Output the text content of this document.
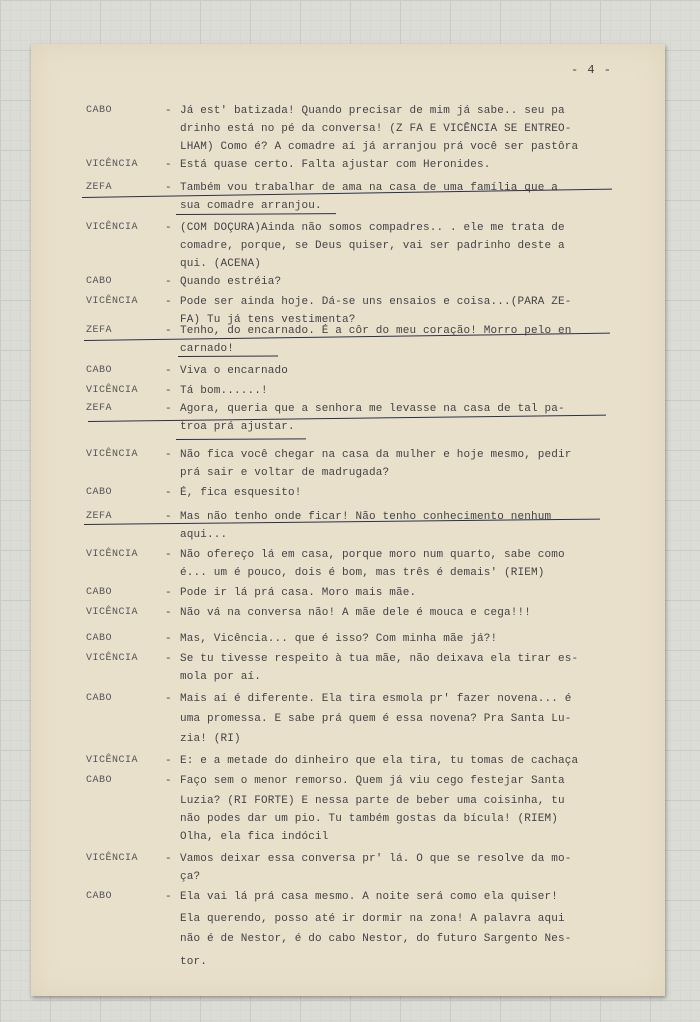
- 4 -
CABO	- Já est' batizada! Quando precisar de mim já sabe.. seu pa
drinho está no pé da conversa! (Z FA E VICÊNCIA SE ENTREO-
LHAM) Como é? A comadre aí já arranjou prá você ser pastôra
VICÊNCIA	- Está quase certo. Falta ajustar com Heronides.
ZEFA	- Também vou trabalhar de ama na casa de uma família que a
sua comadre arranjou.
VICÊNCIA	- (COM DOÇURA)Ainda não somos compadres.. . ele me trata de
comadre, porque, se Deus quiser, vai ser padrinho deste a
qui. (ACENA)
CABO	- Quando estréia?
VICÊNCIA	- Pode ser ainda hoje. Dá-se uns ensaios e coisa...(PARA ZE-
FA) Tu já tens vestimenta?
ZEFA	- Tenho, do encarnado. É a côr do meu coração! Morro pelo en
carnado!
CABO	- Viva o encarnado
VICÊNCIA	- Tá bom......!
ZEFA	- Agora, queria que a senhora me levasse na casa de tal pa-
troa prá ajustar.
VICÊNCIA	- Não fica você chegar na casa da mulher e hoje mesmo, pedir
prá sair e voltar de madrugada?
CABO	- É, fica esquesito!
ZEFA	- Mas não tenho onde ficar! Não tenho conhecimento nenhum
aqui...
VICÊNCIA	- Não ofereço lá em casa, porque moro num quarto, sabe como
é... um é pouco, dois é bom, mas três é demais' (RIEM)
CABO	- Pode ir lá prá casa. Moro mais mãe.
VICÊNCIA	- Não vá na conversa não! A mãe dele é mouca e cega!!!
CABO	- Mas, Vicência... que é isso? Com minha mãe já?!
VICÊNCIA	- Se tu tivesse respeito à tua mãe, não deixava ela tirar es-
mola por aí.
CABO	- Mais aí é diferente. Ela tira esmola pr' fazer novena... é
uma promessa. E sabe prá quem é essa novena? Pra Santa Lu-
zia! (RI)
VICÊNCIA	- E: e a metade do dinheiro que ela tira, tu tomas de cachaça
CABO	- Faço sem o menor remorso. Quem já viu cego festejar Santa
Luzia? (RI FORTE) E nessa parte de beber uma coisinha, tu
não podes dar um pio. Tu também gostas da bícula! (RIEM)
Olha, ela fica indócil
VICÊNCIA	- Vamos deixar essa conversa pr' lá. O que se resolve da mo-
ça?
CABO	- Ela vai lá prá casa mesmo. A noite será como ela quiser!
Ela querendo, posso até ir dormir na zona! A palavra aqui
não é de Nestor, é do cabo Nestor, do futuro Sargento Nes-
tor.
